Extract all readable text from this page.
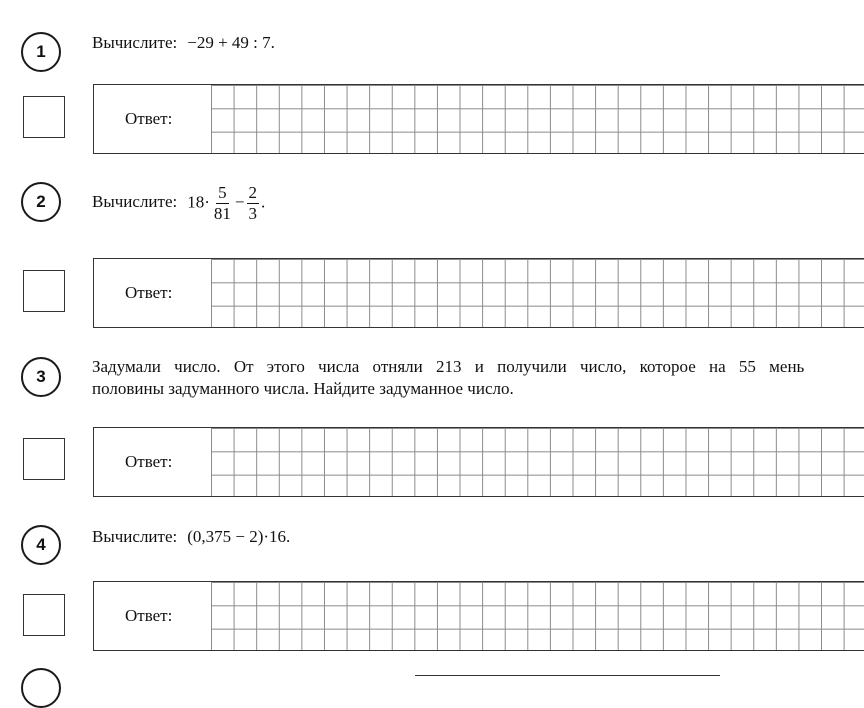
1	Вычислите: −29 + 49 : 7.
Ответ:
2	Вычислите: $18\cdot \frac{5}{81} - \frac{2}{3}$ .
Ответ:
3
Задумали число. От этого числа отняли 213 и получили число, которое на 55 мень
половины задуманного числа. Найдите задуманное число.
Ответ:
4	Вычислите: (0,375 − 2)·16.
Ответ:
